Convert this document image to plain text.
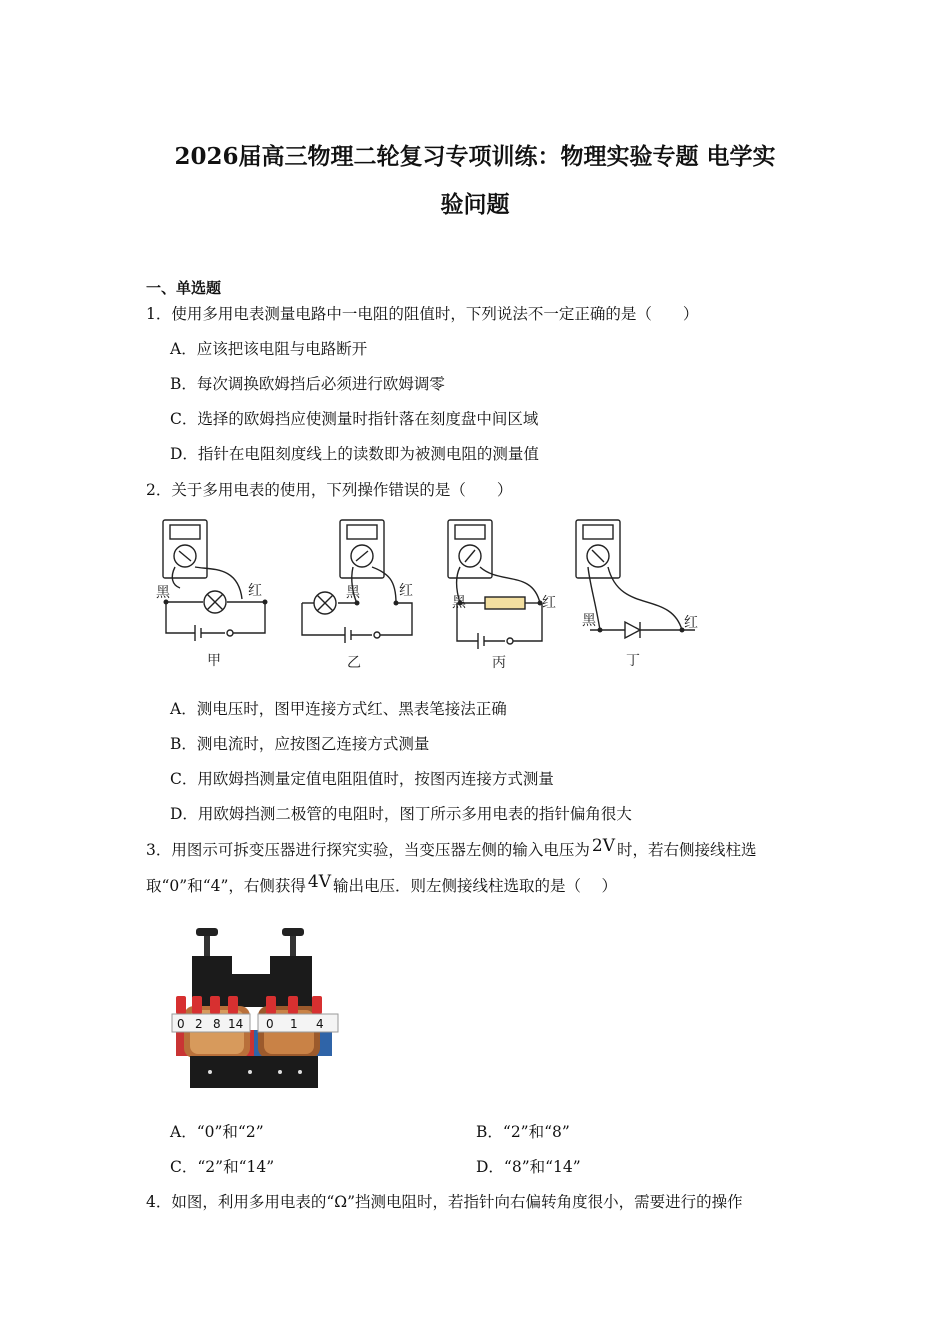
2026届高三物理二轮复习专项训练：物理实验专题 电学实
验问题
一、单选题
1．使用多用电表测量电路中一电阻的阻值时，下列说法不一定正确的是（　　）
A．应该把该电阻与电路断开
B．每次调换欧姆挡后必须进行欧姆调零
C．选择的欧姆挡应使测量时指针落在刻度盘中间区域
D．指针在电阻刻度线上的读数即为被测电阻的测量值
2．关于多用电表的使用，下列操作错误的是（　　）
黑	红	黑	红
黑	红
黑	红
甲	乙	丙	丁
A．测电压时，图甲连接方式红、黑表笔接法正确
B．测电流时，应按图乙连接方式测量
C．用欧姆挡测量定值电阻阻值时，按图丙连接方式测量
D．用欧姆挡测二极管的电阻时，图丁所示多用电表的指针偏角很大
3．用图示可拆变压器进行探究实验，当变压器左侧的输入电压为 2V 时，若右侧接线柱选
取“0”和“4”，右侧获得 4V 输出电压．则左侧接线柱选取的是（　 ）
0 2 8 14 0 1 4
A．“0”和“2”	B．“2”和“8”
C．“2”和“14”	D．“8”和“14”
4．如图，利用多用电表的“Ω”挡测电阻时，若指针向右偏转角度很小，需要进行的操作
